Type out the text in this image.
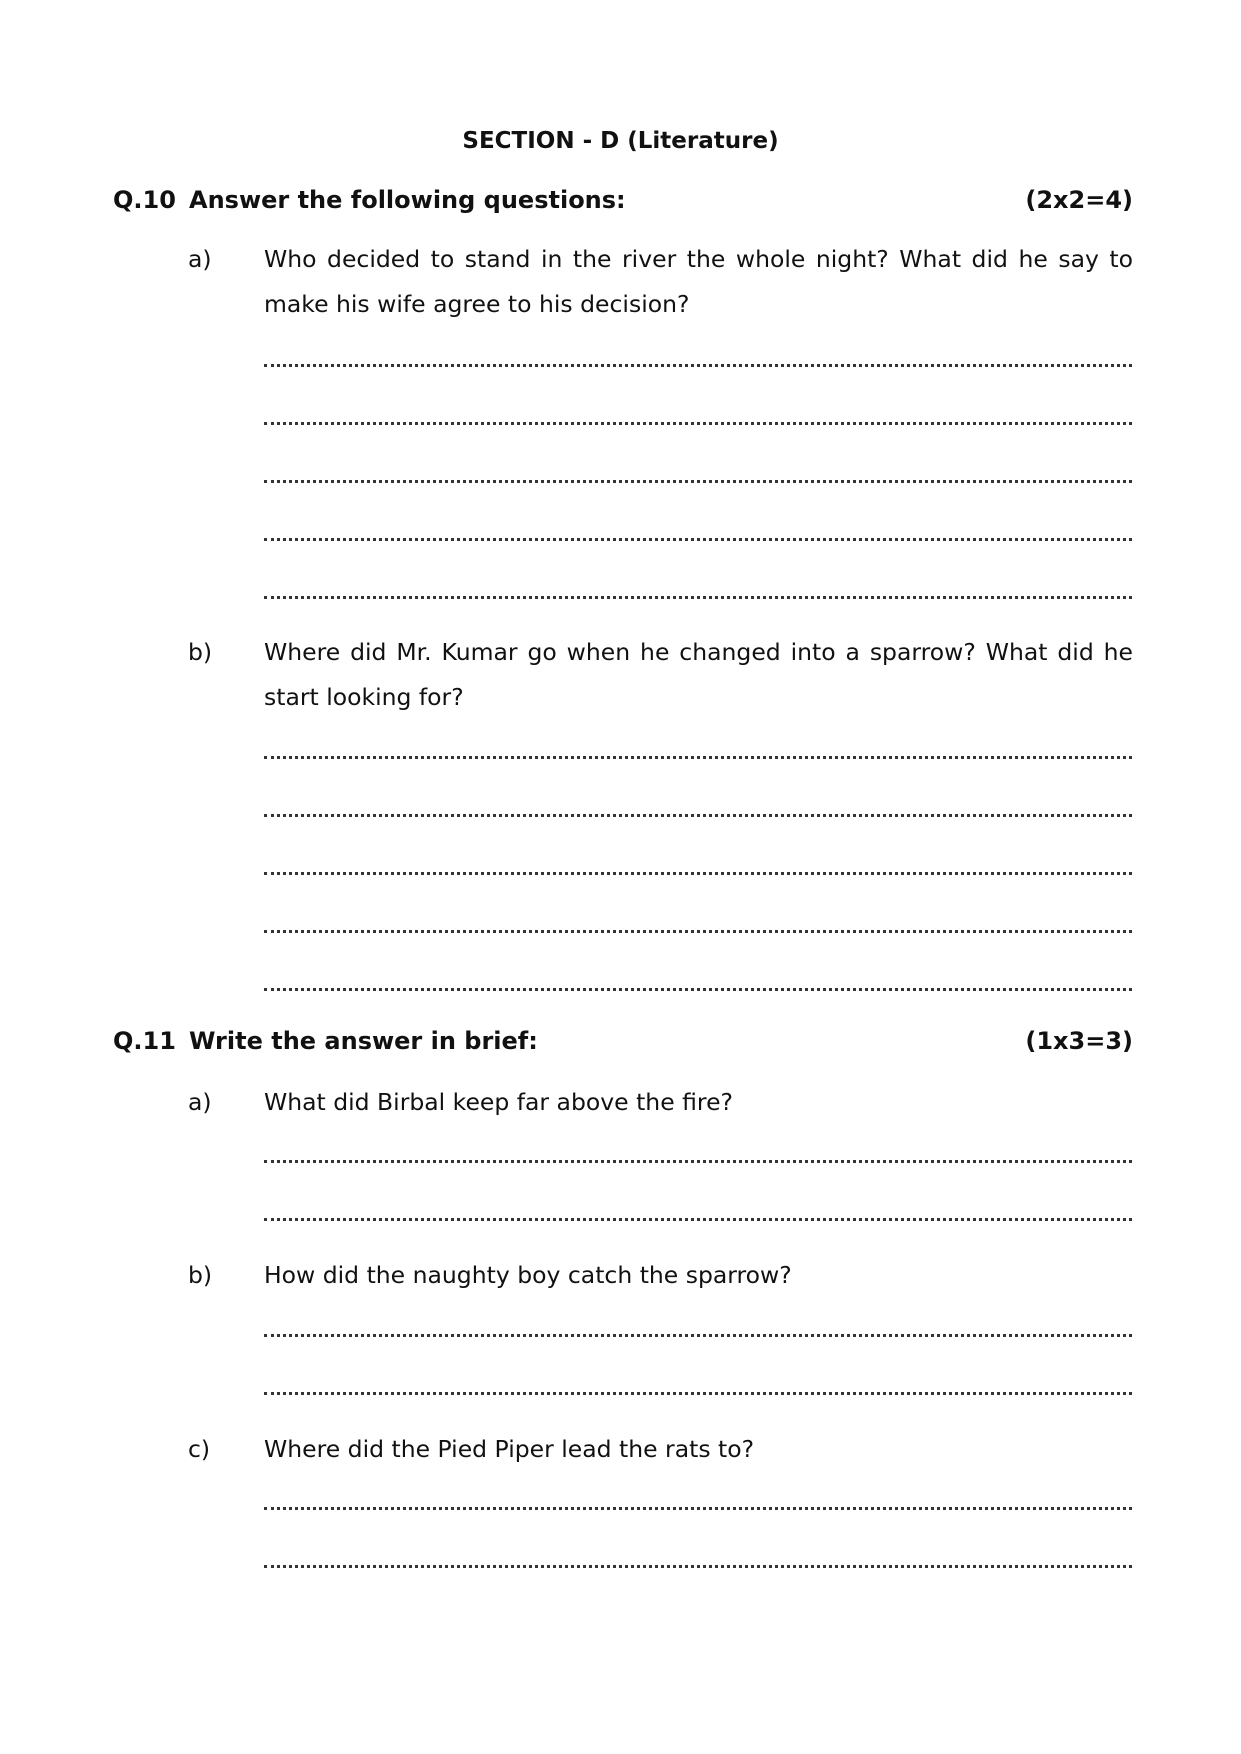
SECTION - D (Literature)
Q.10 Answer the following questions:	(2x2=4)
a) Who decided to stand in the river the whole night? What did he say to make his wife agree to his decision?
b) Where did Mr. Kumar go when he changed into a sparrow? What did he start looking for?
Q.11 Write the answer in brief:	(1x3=3)
a) What did Birbal keep far above the fire?
b) How did the naughty boy catch the sparrow?
c) Where did the Pied Piper lead the rats to?
